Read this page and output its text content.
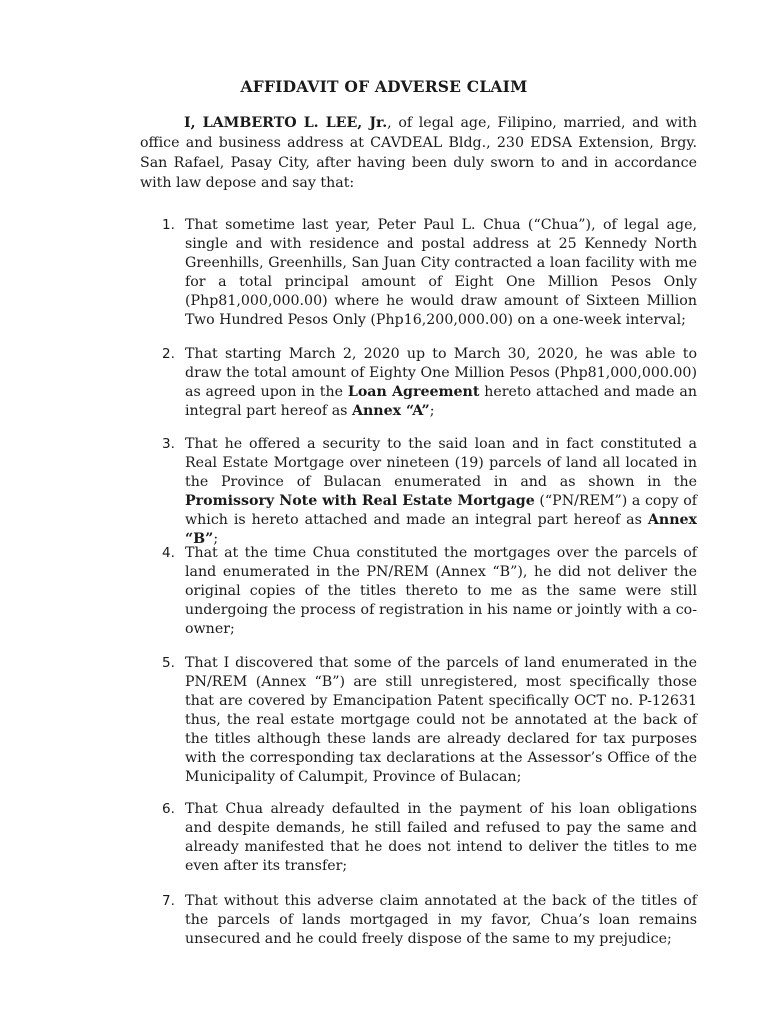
AFFIDAVIT OF ADVERSE CLAIM

I, LAMBERTO L. LEE, Jr., of legal age, Filipino, married, and with office and business address at CAVDEAL Bldg., 230 EDSA Extension, Brgy. San Rafael, Pasay City, after having been duly sworn to and in accordance with law depose and say that:

1. That sometime last year, Peter Paul L. Chua (“Chua”), of legal age, single and with residence and postal address at 25 Kennedy North Greenhills, Greenhills, San Juan City contracted a loan facility with me for a total principal amount of Eight One Million Pesos Only (Php81,000,000.00) where he would draw amount of Sixteen Million Two Hundred Pesos Only (Php16,200,000.00) on a one-week interval;

2. That starting March 2, 2020 up to March 30, 2020, he was able to draw the total amount of Eighty One Million Pesos (Php81,000,000.00) as agreed upon in the Loan Agreement hereto attached and made an integral part hereof as Annex “A”;

3. That he offered a security to the said loan and in fact constituted a Real Estate Mortgage over nineteen (19) parcels of land all located in the Province of Bulacan enumerated in and as shown in the Promissory Note with Real Estate Mortgage (“PN/REM”) a copy of which is hereto attached and made an integral part hereof as Annex “B”;

4. That at the time Chua constituted the mortgages over the parcels of land enumerated in the PN/REM (Annex “B”), he did not deliver the original copies of the titles thereto to me as the same were still undergoing the process of registration in his name or jointly with a co-owner;

5. That I discovered that some of the parcels of land enumerated in the PN/REM (Annex “B”) are still unregistered, most specifically those that are covered by Emancipation Patent specifically OCT no. P-12631 thus, the real estate mortgage could not be annotated at the back of the titles although these lands are already declared for tax purposes with the corresponding tax declarations at the Assessor’s Office of the Municipality of Calumpit, Province of Bulacan;

6. That Chua already defaulted in the payment of his loan obligations and despite demands, he still failed and refused to pay the same and already manifested that he does not intend to deliver the titles to me even after its transfer;

7. That without this adverse claim annotated at the back of the titles of the parcels of lands mortgaged in my favor, Chua’s loan remains unsecured and he could freely dispose of the same to my prejudice;
